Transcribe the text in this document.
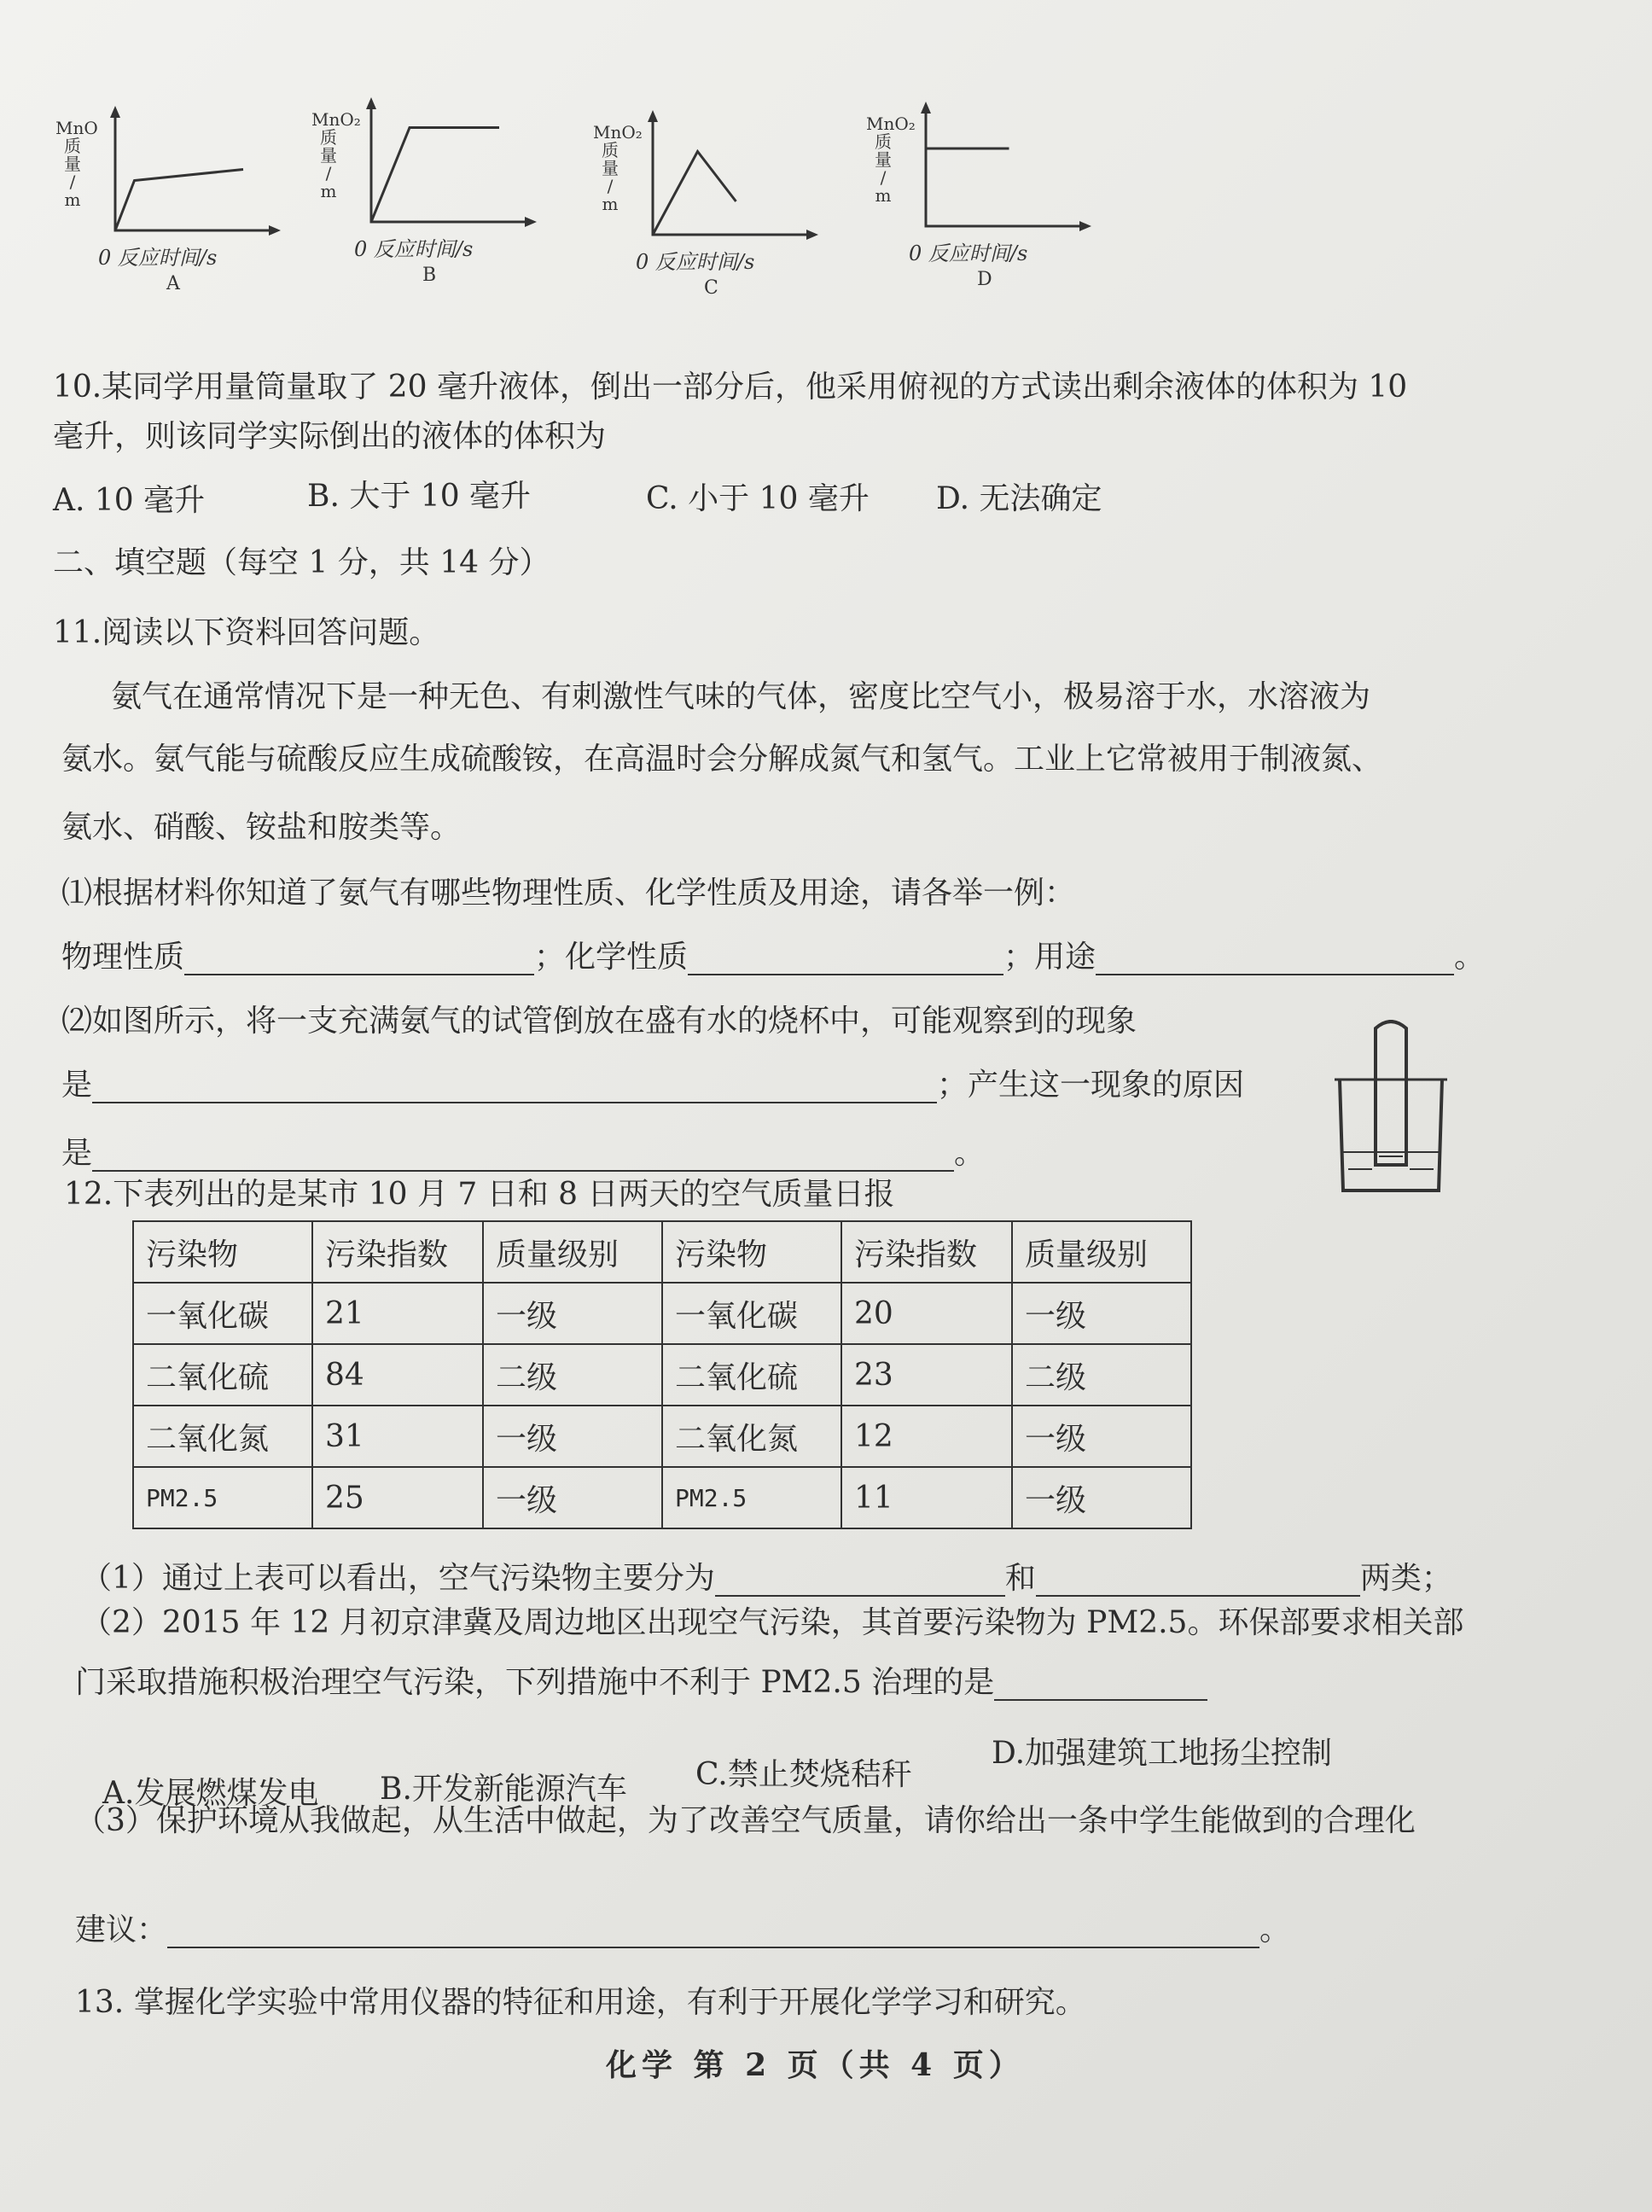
MnO
质
量
/
m
0 反应时间/s
A
MnO₂
质
量
/
m
0 反应时间/s
B
MnO₂
质
量
/
m
0 反应时间/s
C
MnO₂
质
量
/
m
0 反应时间/s
D
10.某同学用量筒量取了 20 毫升液体，倒出一部分后，他采用俯视的方式读出剩余液体的体积为 10
毫升，则该同学实际倒出的液体的体积为
A. 10 毫升	B. 大于 10 毫升	C. 小于 10 毫升 D. 无法确定
二、填空题（每空 1 分，共 14 分）
11.阅读以下资料回答问题。
氨气在通常情况下是一种无色、有刺激性气味的气体，密度比空气小，极易溶于水，水溶液为
氨水。氨气能与硫酸反应生成硫酸铵，在高温时会分解成氮气和氢气。工业上它常被用于制液氮、
氨水、硝酸、铵盐和胺类等。
⑴根据材料你知道了氨气有哪些物理性质、化学性质及用途，请各举一例：
物理性质	；化学性质	；用途	。
⑵如图所示，将一支充满氨气的试管倒放在盛有水的烧杯中，可能观察到的现象
是	；产生这一现象的原因
是	。
12.下表列出的是某市 10 月 7 日和 8 日两天的空气质量日报
污染物	污染指数	质量级别	污染物	污染指数	质量级别
一氧化碳	21	一级	一氧化碳	20	一级
二氧化硫	84	二级	二氧化硫	23	二级
二氧化氮	31	一级	二氧化氮	12	一级
PM2.5	25	一级	PM2.5	11	一级
（1）通过上表可以看出，空气污染物主要分为	和	两类；
（2）2015 年 12 月初京津冀及周边地区出现空气污染，其首要污染物为 PM2.5。环保部要求相关部
门采取措施积极治理空气污染，下列措施中不利于 PM2.5 治理的是
A.发展燃煤发电 B.开发新能源汽车 C.禁止焚烧秸秆
D.加强建筑工地扬尘控制
（3）保护环境从我做起，从生活中做起，为了改善空气质量，请你给出一条中学生能做到的合理化
建议：	。
13. 掌握化学实验中常用仪器的特征和用途，有利于开展化学学习和研究。
化学 第 2 页（共 4 页）
